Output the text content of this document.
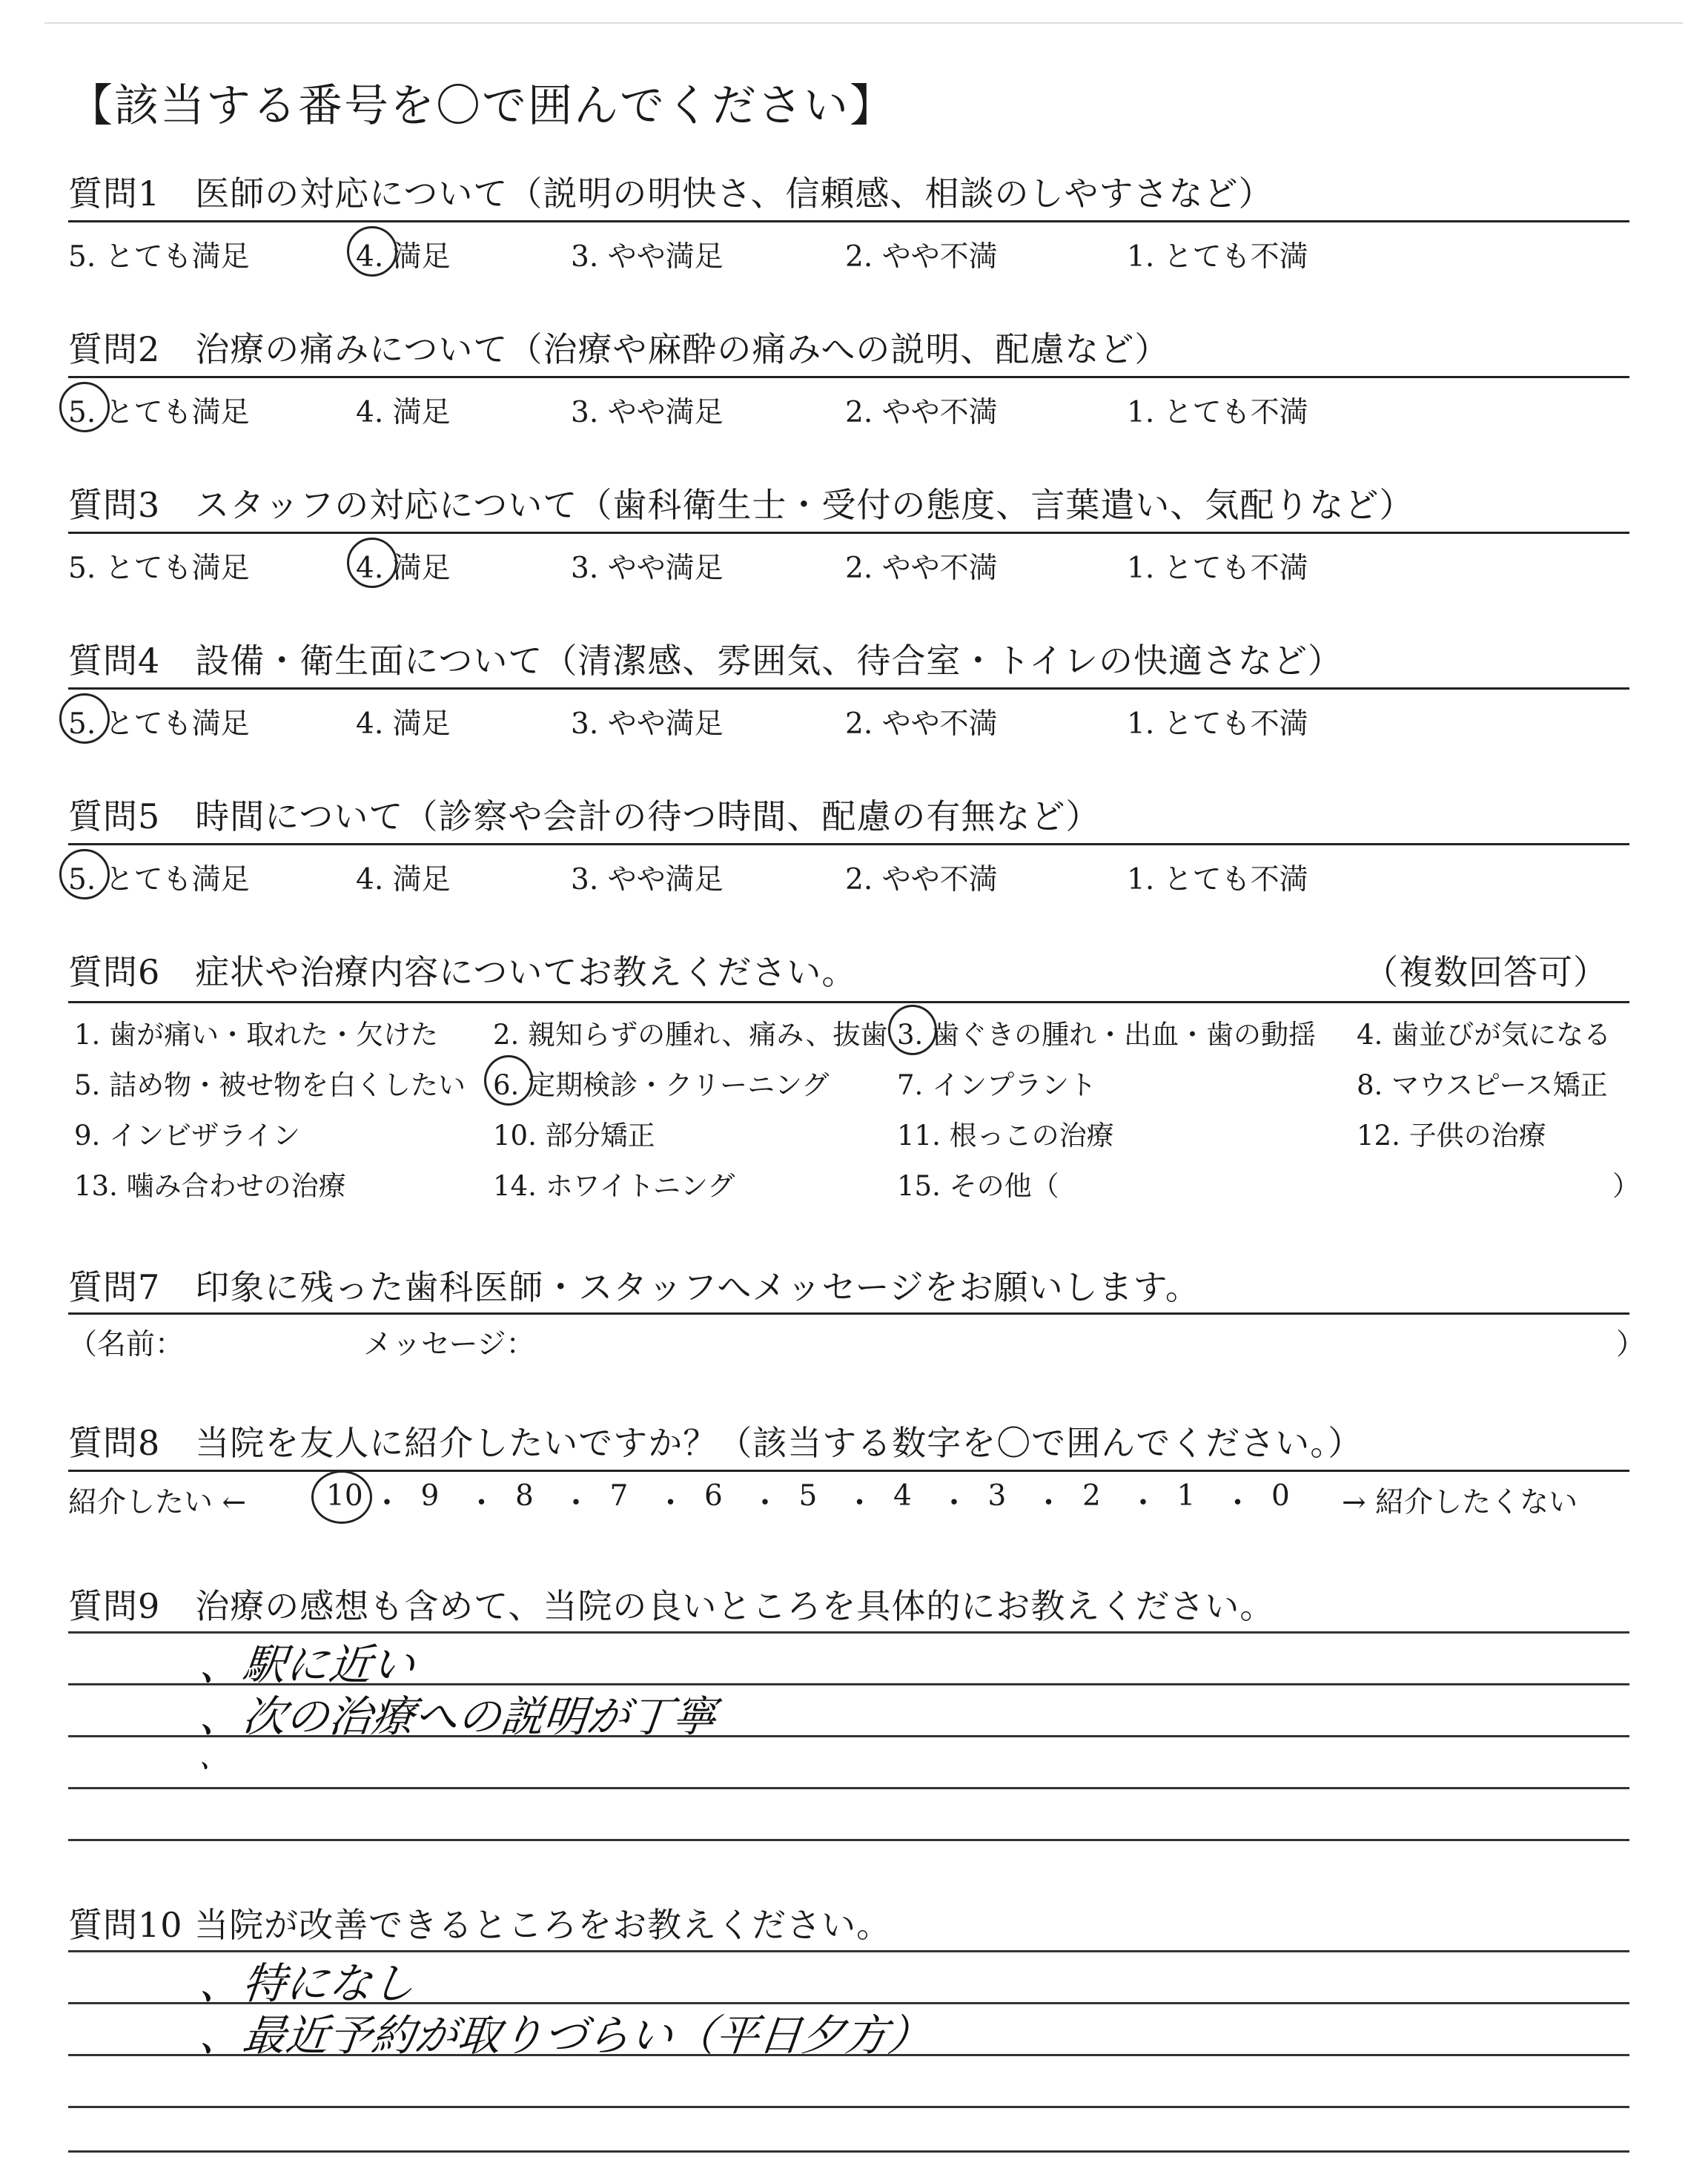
【該当する番号を〇で囲んでください】
質問1　医師の対応について（説明の明快さ、信頼感、相談のしやすさなど）
5. とても満足	4. 満足	3. やや満足	2. やや不満	1. とても不満
質問2　治療の痛みについて（治療や麻酔の痛みへの説明、配慮など）
5. とても満足	4. 満足	3. やや満足	2. やや不満	1. とても不満
質問3　スタッフの対応について（歯科衛生士・受付の態度、言葉遣い、気配りなど）
5. とても満足	4. 満足	3. やや満足	2. やや不満	1. とても不満
質問4　設備・衛生面について（清潔感、雰囲気、待合室・トイレの快適さなど）
5. とても満足	4. 満足	3. やや満足	2. やや不満	1. とても不満
質問5　時間について（診察や会計の待つ時間、配慮の有無など）
5. とても満足	4. 満足	3. やや満足	2. やや不満	1. とても不満
質問6　症状や治療内容についてお教えください。	（複数回答可）
1. 歯が痛い・取れた・欠けた 2. 親知らずの腫れ、痛み、抜歯 3. 歯ぐきの腫れ・出血・歯の動揺 4. 歯並びが気になる
5. 詰め物・被せ物を白くしたい 6. 定期検診・クリーニング 7. インプラント	8. マウスピース矯正
9. インビザライン	10. 部分矯正	11. 根っこの治療	12. 子供の治療
13. 噛み合わせの治療	14. ホワイトニング	15. その他（	）
質問7　印象に残った歯科医師・スタッフへメッセージをお願いします。
（名前：	メッセージ：	）
質問8　当院を友人に紹介したいですか？（該当する数字を〇で囲んでください。）
紹介したい ←	→ 紹介したくない
10 ・ 9 ・ 8 ・ 7 ・ 6 ・ 5 ・ 4 ・ 3 ・ 2 ・ 1 ・ 0
質問9　治療の感想も含めて、当院の良いところを具体的にお教えください。
、駅に近い
、次の治療への説明が丁寧
、
質問10 当院が改善できるところをお教えください。
、特になし
、最近予約が取りづらい（平日夕方）
